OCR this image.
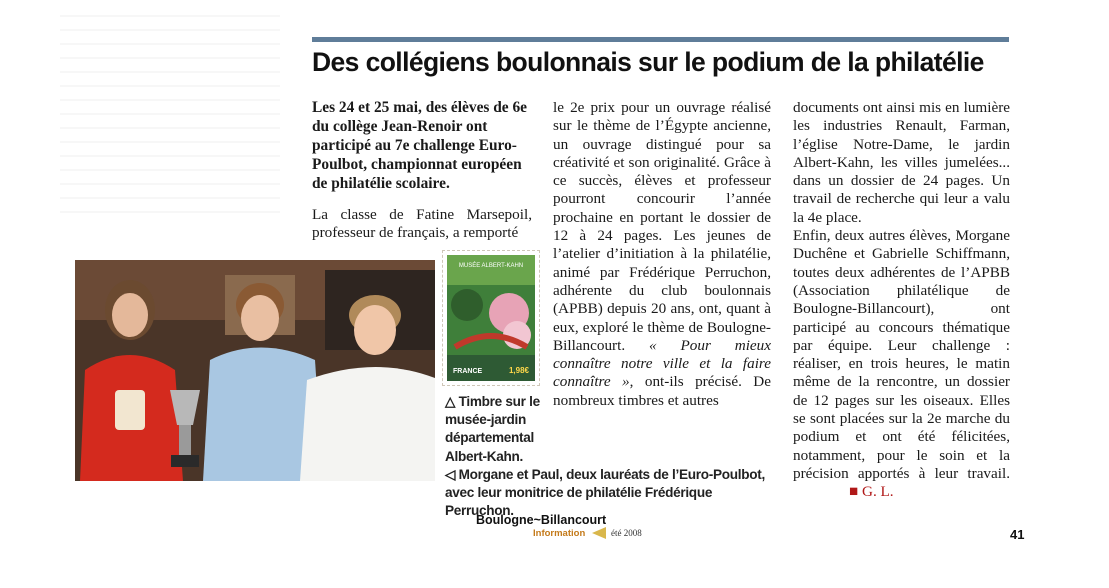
Des collégiens boulonnais sur le podium de la philatélie

Les 24 et 25 mai, des élèves de 6e du collège Jean-Renoir ont participé au 7e challenge Euro-Poulbot, championnat européen de philatélie scolaire.

La classe de Fatine Marsepoil, professeur de français, a remporté

le 2e prix pour un ouvrage réalisé sur le thème de l’Égypte ancienne, un ouvrage distingué pour sa créativité et son originalité. Grâce à ce succès, élèves et professeur pourront concourir l’année prochaine en portant le dossier de 12 à 24 pages. Les jeunes de l’atelier d’initiation à la philatélie, animé par Frédérique Perruchon, adhérente du club boulonnais (APBB) depuis 20 ans, ont, quant à eux, exploré le thème de Boulogne-Billancourt. « Pour mieux connaître notre ville et la faire connaître », ont-ils précisé. De nombreux timbres et autres

documents ont ainsi mis en lumière les industries Renault, Farman, l’église Notre-Dame, le jardin Albert-Kahn, les villes jumelées... dans un dossier de 24 pages. Un travail de recherche qui leur a valu la 4e place.

Enfin, deux autres élèves, Morgane Duchêne et Gabrielle Schiffmann, toutes deux adhérentes de l’APBB (Association philatélique de Boulogne-Billancourt), ont participé au concours thématique par équipe. Leur challenge : réaliser, en trois heures, le matin même de la rencontre, un dossier de 12 pages sur les oiseaux. Elles se sont placées sur la 2e marche du podium et ont été félicitées, notamment, pour le soin et la précision apportés à leur travail. ■ G. L.

MUSÉE ALBERT-KAHN
FRANCE	1,98€

△ Timbre sur le musée-jardin départemental Albert-Kahn.

◁ Morgane et Paul, deux lauréats de l’Euro-Poulbot, avec leur monitrice de philatélie Frédérique Perruchon.

Boulogne~Billancourt
Information	été 2008	41
